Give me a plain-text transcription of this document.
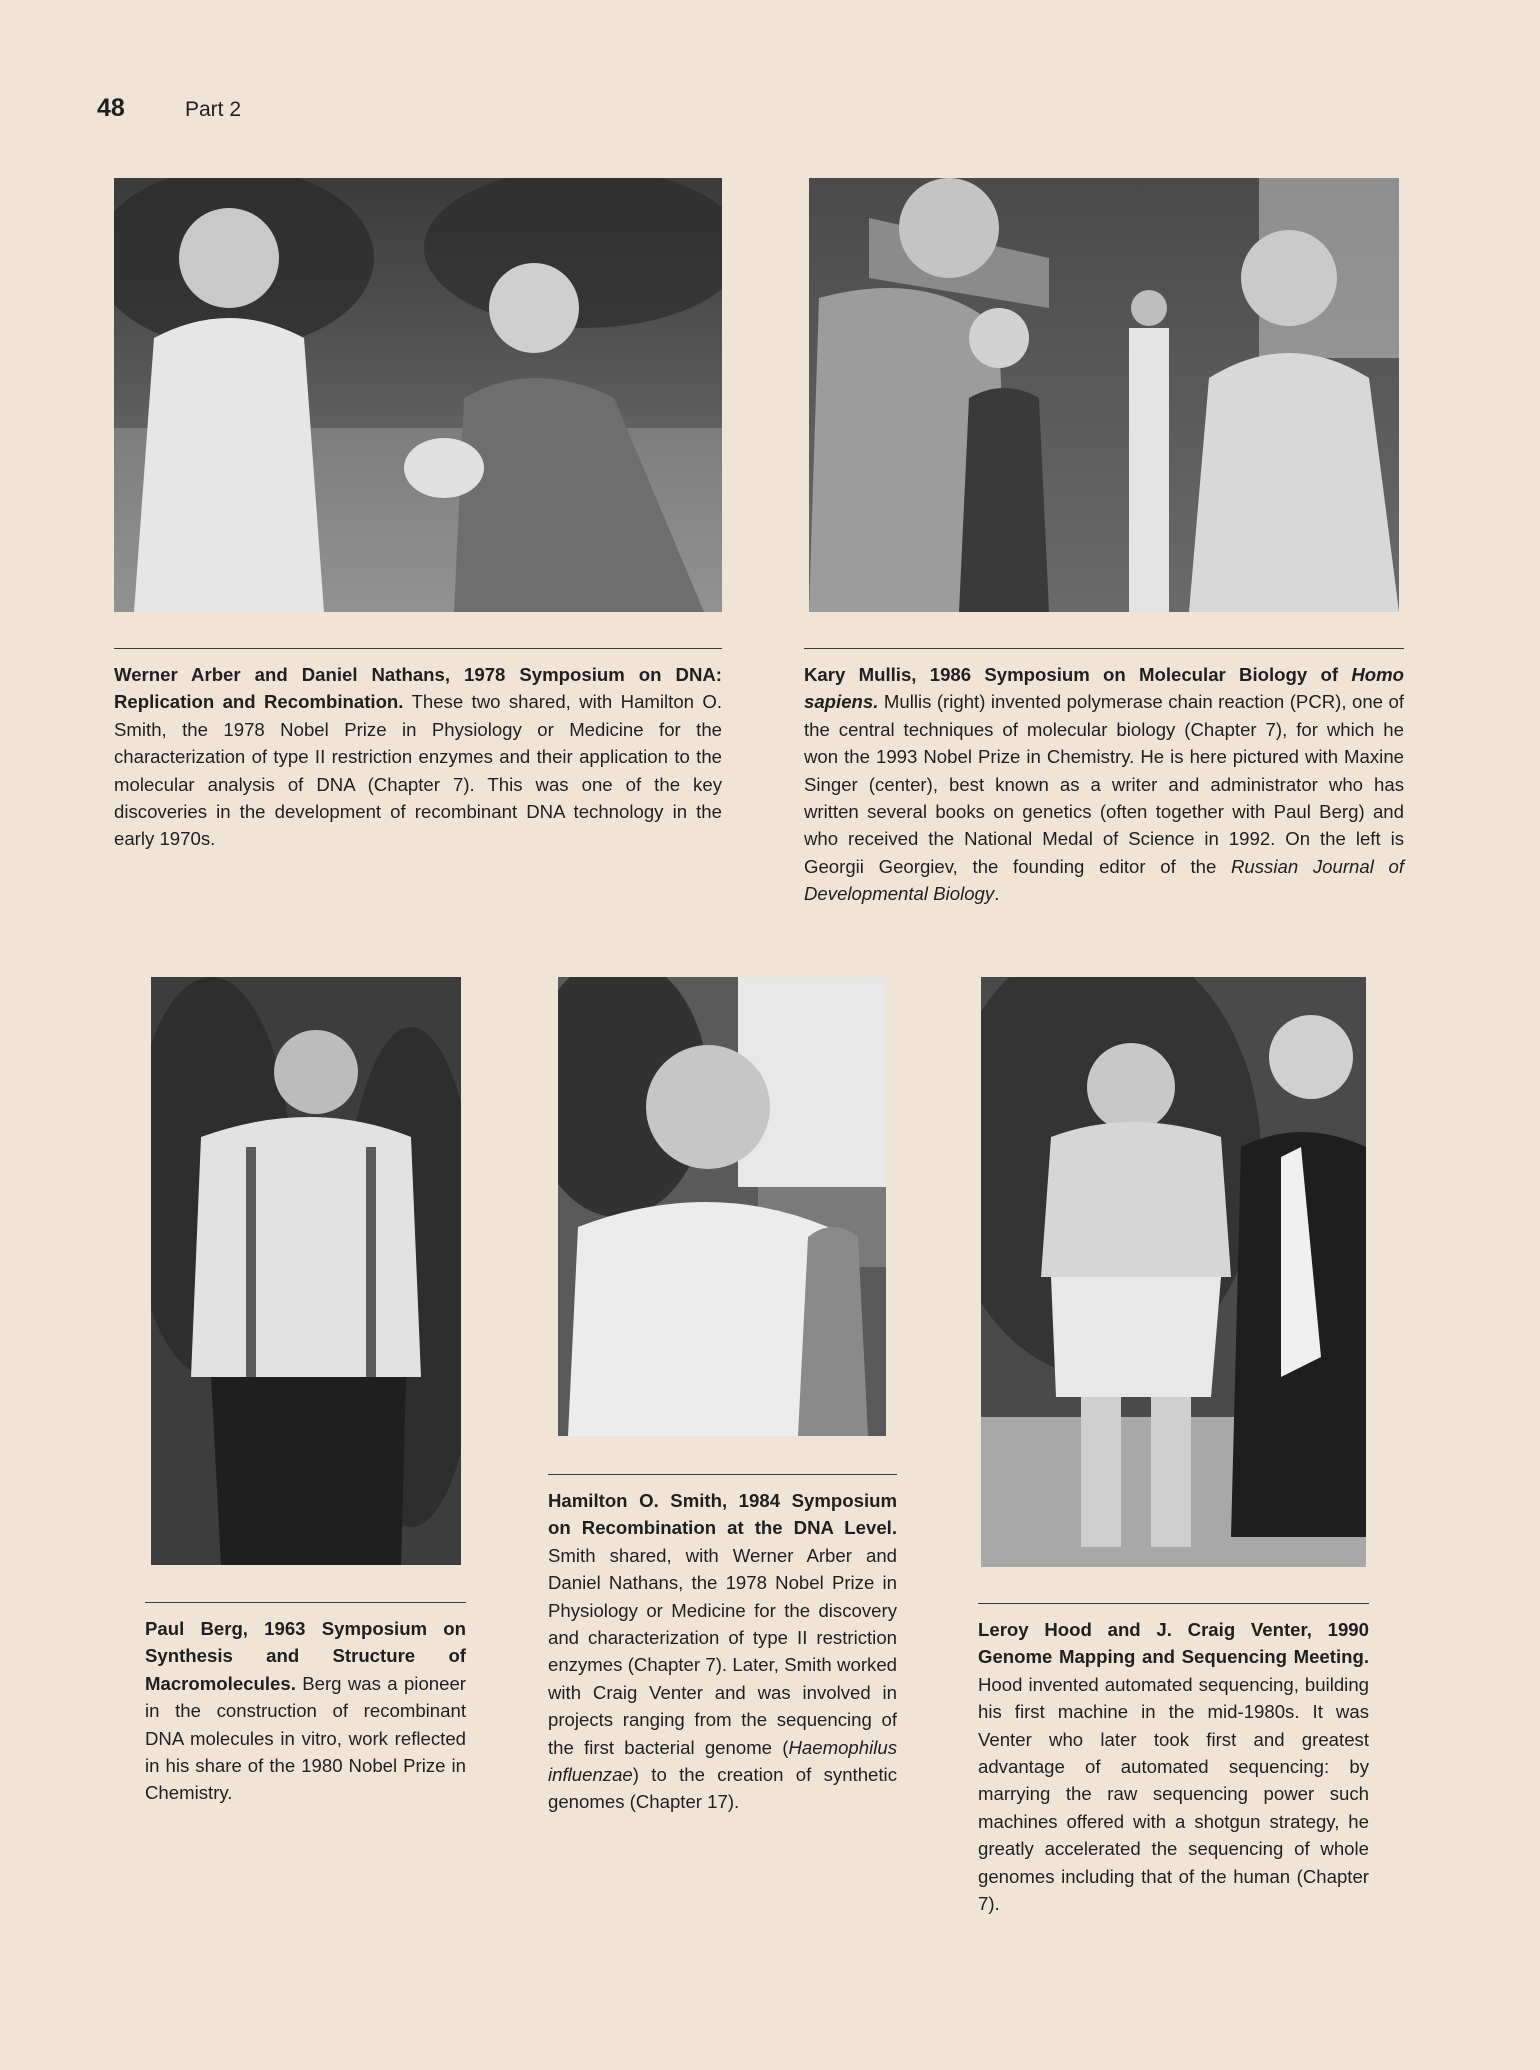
48	Part 2
Werner Arber and Daniel Nathans, 1978 Symposium on DNA: Replication and Recombination. These two shared, with Hamilton O. Smith, the 1978 Nobel Prize in Physiology or Medicine for the characterization of type II restriction enzymes and their application to the molecular analysis of DNA (Chapter 7). This was one of the key discoveries in the development of recombinant DNA technology in the early 1970s.
Kary Mullis, 1986 Symposium on Molecular Biology of Homo sapiens. Mullis (right) invented polymerase chain reaction (PCR), one of the central techniques of molecular biology (Chapter 7), for which he won the 1993 Nobel Prize in Chemistry. He is here pictured with Maxine Singer (center), best known as a writer and administrator who has written several books on genetics (often together with Paul Berg) and who received the National Medal of Science in 1992. On the left is Georgii Georgiev, the founding editor of the Russian Journal of Developmental Biology.
Paul Berg, 1963 Symposium on Synthesis and Structure of Macromolecules. Berg was a pioneer in the construction of recombinant DNA molecules in vitro, work reflected in his share of the 1980 Nobel Prize in Chemistry.
Hamilton O. Smith, 1984 Symposium on Recombination at the DNA Level. Smith shared, with Werner Arber and Daniel Nathans, the 1978 Nobel Prize in Physiology or Medicine for the discovery and characterization of type II restriction enzymes (Chapter 7). Later, Smith worked with Craig Venter and was involved in projects ranging from the sequencing of the first bacterial genome (Haemophilus influenzae) to the creation of synthetic genomes (Chapter 17).
Leroy Hood and J. Craig Venter, 1990 Genome Mapping and Sequencing Meeting. Hood invented automated sequencing, building his first machine in the mid-1980s. It was Venter who later took first and greatest advantage of automated sequencing: by marrying the raw sequencing power such machines offered with a shotgun strategy, he greatly accelerated the sequencing of whole genomes including that of the human (Chapter 7).
